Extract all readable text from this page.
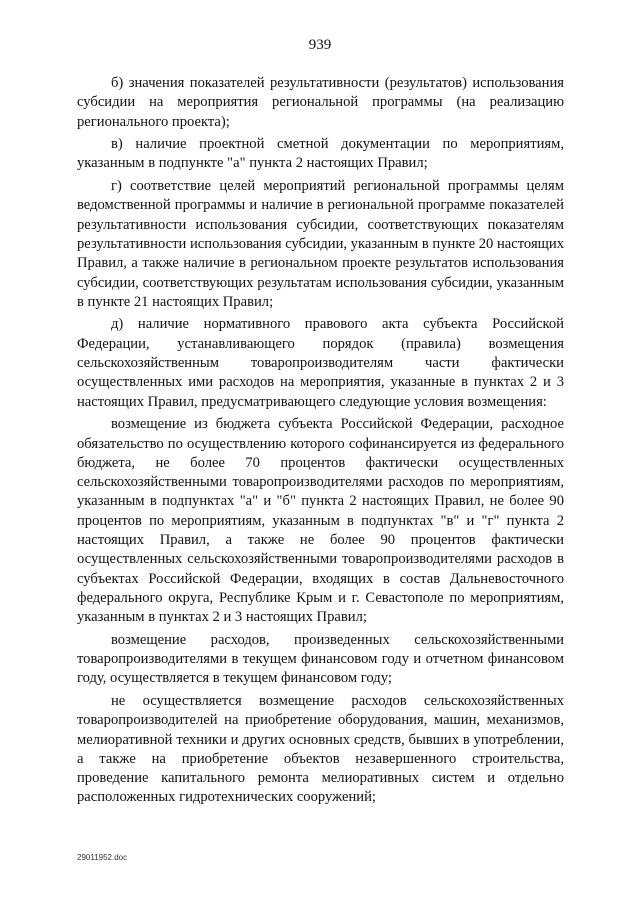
939

б) значения показателей результативности (результатов) использования субсидии на мероприятия региональной программы (на реализацию регионального проекта);

в) наличие проектной сметной документации по мероприятиям, указанным в подпункте "а" пункта 2 настоящих Правил;

г) соответствие целей мероприятий региональной программы целям ведомственной программы и наличие в региональной программе показателей результативности использования субсидии, соответствующих показателям результативности использования субсидии, указанным в пункте 20 настоящих Правил, а также наличие в региональном проекте результатов использования субсидии, соответствующих результатам использования субсидии, указанным в пункте 21 настоящих Правил;

д) наличие нормативного правового акта субъекта Российской Федерации, устанавливающего порядок (правила) возмещения сельскохозяйственным товаропроизводителям части фактически осуществленных ими расходов на мероприятия, указанные в пунктах 2 и 3 настоящих Правил, предусматривающего следующие условия возмещения:

возмещение из бюджета субъекта Российской Федерации, расходное обязательство по осуществлению которого софинансируется из федерального бюджета, не более 70 процентов фактически осуществленных сельскохозяйственными товаропроизводителями расходов по мероприятиям, указанным в подпунктах "а" и "б" пункта 2 настоящих Правил, не более 90 процентов по мероприятиям, указанным в подпунктах "в" и "г" пункта 2 настоящих Правил, а также не более 90 процентов фактически осуществленных сельскохозяйственными товаропроизводителями расходов в субъектах Российской Федерации, входящих в состав Дальневосточного федерального округа, Республике Крым и г. Севастополе по мероприятиям, указанным в пунктах 2 и 3 настоящих Правил;

возмещение расходов, произведенных сельскохозяйственными товаропроизводителями в текущем финансовом году и отчетном финансовом году, осуществляется в текущем финансовом году;

не осуществляется возмещение расходов сельскохозяйственных товаропроизводителей на приобретение оборудования, машин, механизмов, мелиоративной техники и других основных средств, бывших в употреблении, а также на приобретение объектов незавершенного строительства, проведение капитального ремонта мелиоративных систем и отдельно расположенных гидротехнических сооружений;

29011952.doc
